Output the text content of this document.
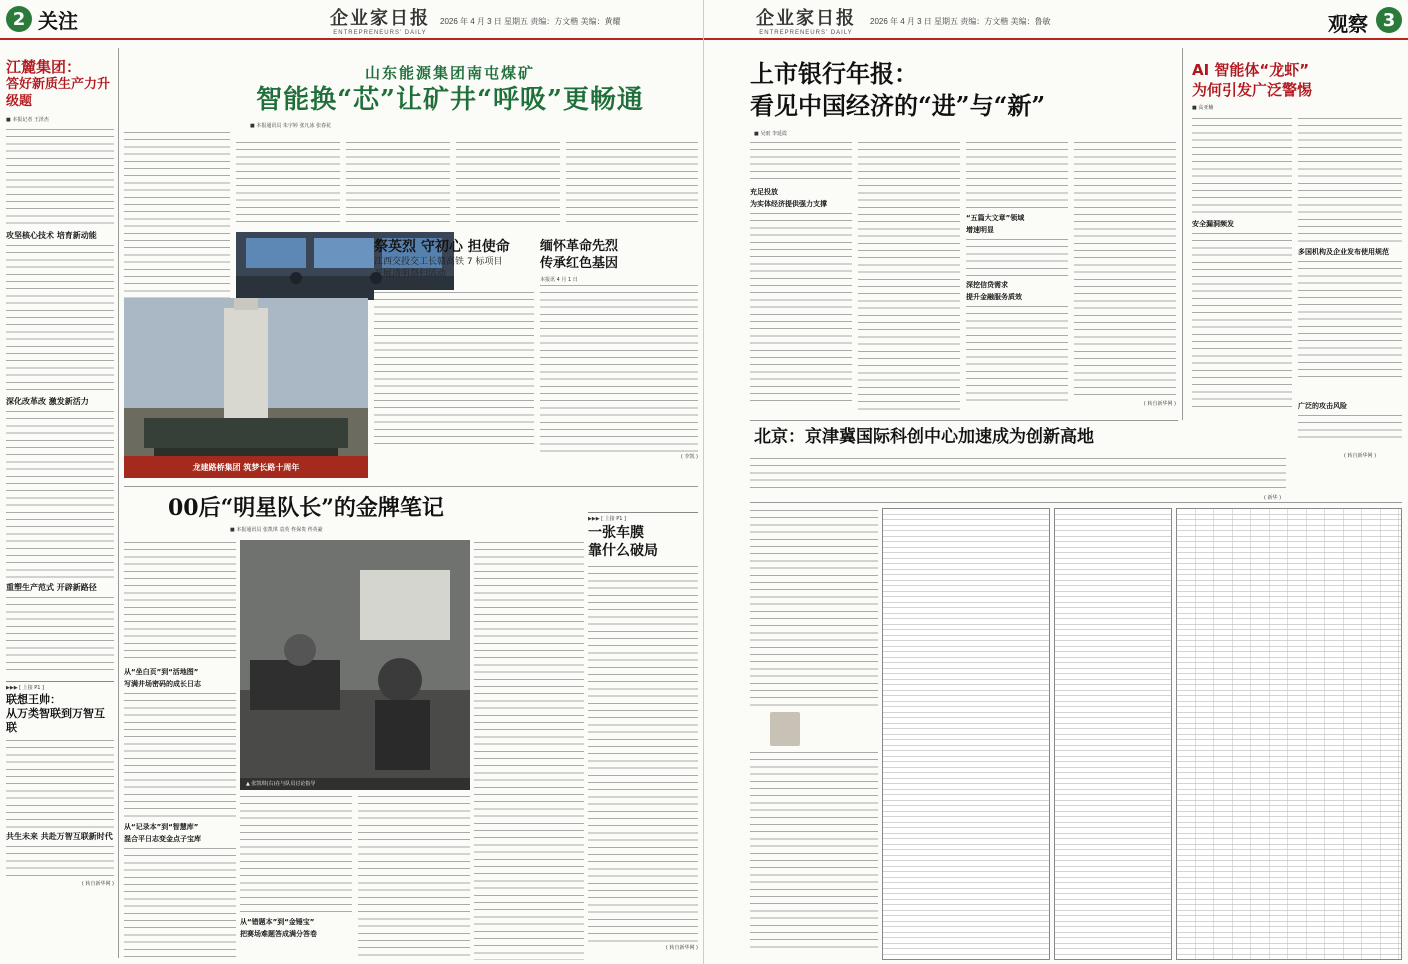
2 关注	企业家日报
ENTREPRENEURS' DAILY
2026 年 4 月 3 日 星期五 责编：方文楷 美编：黄耀
江麓集团：
答好新质生产力升级题
■ 本报记者 王泽杰
攻坚核心技术 培育新动能
深化改革改 激发新活力
重塑生产范式 开辟新路径
▶▶▶ [ 上接 P1 ]
联想王帅：
从万类智联到万智互联
共生未来 共赴万智互联新时代
( 转自新华网 )
山东能源集团南屯煤矿
智能换“芯”让矿井“呼吸”更畅通
■ 本报通讯员 朱宇婷 张凡冰 张春花
龙建路桥集团 筑梦长路十周年
祭英烈 守初心 担使命
江西交投交工长赣高铁 7 标项目
开展清明祭扫活动
本报讯 ( 通讯员 李建宇 )
缅怀革命先烈
传承红色基因
本报讯 4 月 1 日
( 李凯 )
00后“明星队长”的金牌笔记
■ 本报通讯员 张凯琪 袁英 佟保贵 佟英豪
▶▶▶ [ 上接 P1 ]
一张车膜
靠什么破局
( 转自新华网 )
▲ 张凯琪(右)在与队员讨论指导
从“坐白页”到“活地图”
写满井场密码的成长日志
从“记录本”到“智慧库”
混合平日志变金点子宝库
从“错题本”到“金锤宝”
把赛场难题答成满分答卷
企业家日报
ENTREPRENEURS' DAILY
2026 年 4 月 3 日 星期五 责编：方文楷 美编：鲁敏	观察 3
上市银行年报：
看见中国经济的“进”与“新”
■ 吴雨 李延霞
充足投放
为实体经济提供强力支撑
“五篇大文章”领域
增速明显
深挖信贷需求
提升金融服务质效
( 转自新华网 )
AI 智能体“龙虾”
为何引发广泛警惕
■ 高亚楠
安全漏洞频发
多国机构及企业发布使用规范
广泛的攻击风险
( 转自新华网 )
北京：京津冀国际科创中心加速成为创新高地
( 新华 )
